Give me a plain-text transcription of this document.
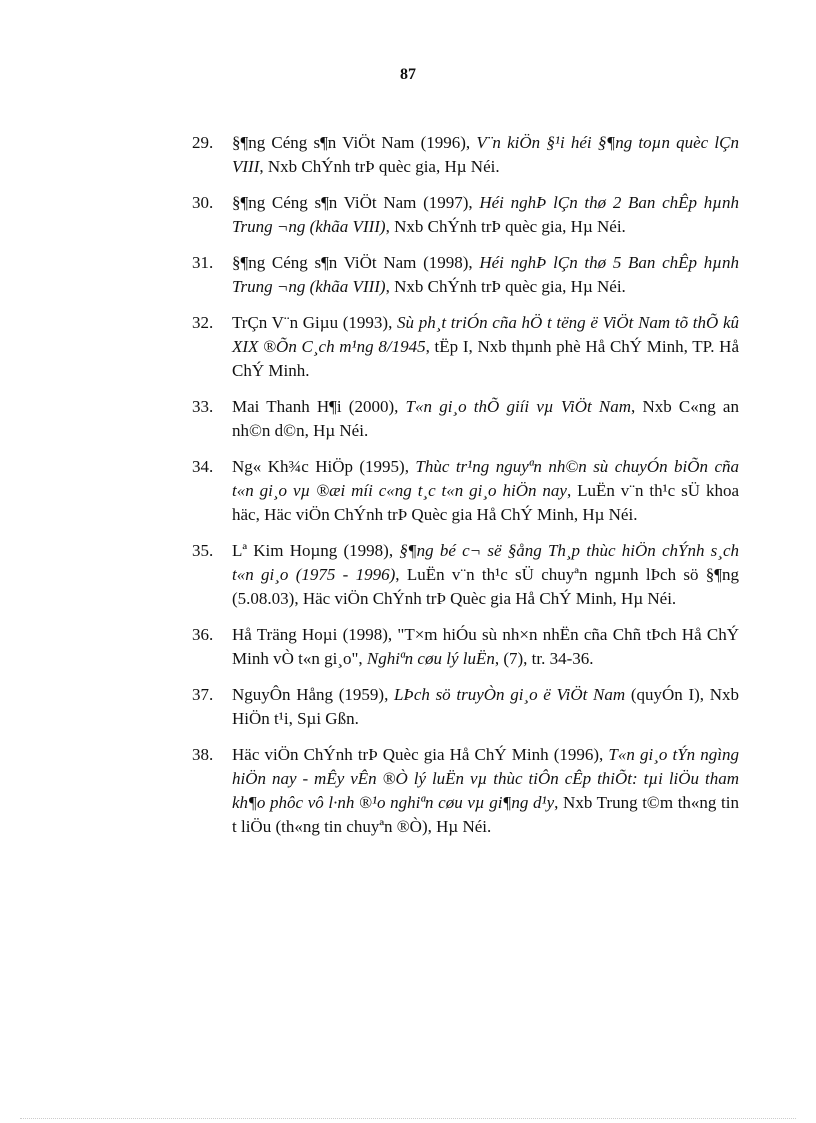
87
29. §¶ng Céng s¶n ViÖt Nam (1996), V¨n kiÖn §¹i héi §¶ng toµn quèc lÇn VIII, Nxb ChÝnh trÞ quèc gia, Hµ Néi.
30. §¶ng Céng s¶n ViÖt Nam (1997), Héi nghÞ lÇn thø 2 Ban chÊp hµnh Trung ¬ng (khãa VIII), Nxb ChÝnh trÞ quèc gia, Hµ Néi.
31. §¶ng Céng s¶n ViÖt Nam (1998), Héi nghÞ lÇn thø 5 Ban chÊp hµnh Trung ¬ng (khãa VIII), Nxb ChÝnh trÞ quèc gia, Hµ Néi.
32. TrÇn V¨n Giµu (1993), Sù ph¸t triÓn cña hÖ t tëng ë ViÖt Nam tõ thÕ kû XIX ®Õn C¸ch m¹ng 8/1945, tËp I, Nxb thµnh phè Hå ChÝ Minh, TP. Hå ChÝ Minh.
33. Mai Thanh H¶i (2000), T«n gi¸o thÕ giíi vµ ViÖt Nam, Nxb C«ng an nh©n d©n, Hµ Néi.
34. Ng« Kh¾c HiÖp (1995), Thùc tr¹ng nguyªn nh©n sù chuyÓn biÕn cña t«n gi¸o vµ ®æi míi c«ng t¸c t«n gi¸o hiÖn nay, LuËn v¨n th¹c sÜ khoa häc, Häc viÖn ChÝnh trÞ Quèc gia Hå ChÝ Minh, Hµ Néi.
35. Lª Kim Hoµng (1998), §¶ng bé c¬ së §ång Th¸p thùc hiÖn chÝnh s¸ch t«n gi¸o (1975 - 1996), LuËn v¨n th¹c sÜ chuyªn ngµnh lÞch sö §¶ng (5.08.03), Häc viÖn ChÝnh trÞ Quèc gia Hå ChÝ Minh, Hµ Néi.
36. Hå Träng Hoµi (1998), "T×m hiÓu sù nh×n nhËn cña Chñ tÞch Hå ChÝ Minh vÒ t«n gi¸o", Nghiªn cøu lý luËn, (7), tr. 34-36.
37. NguyÔn Hång (1959), LÞch sö truyÒn gi¸o ë ViÖt Nam (quyÓn I), Nxb HiÖn t¹i, Sµi Gßn.
38. Häc viÖn ChÝnh trÞ Quèc gia Hå ChÝ Minh (1996), T«n gi¸o tÝn ngìng hiÖn nay - mÊy vÊn ®Ò lý luËn vµ thùc tiÔn cÊp thiÕt: tµi liÖu tham kh¶o phôc vô l·nh ®¹o nghiªn cøu vµ gi¶ng d¹y, Nxb Trung t©m th«ng tin t liÖu (th«ng tin chuyªn ®Ò), Hµ Néi.
